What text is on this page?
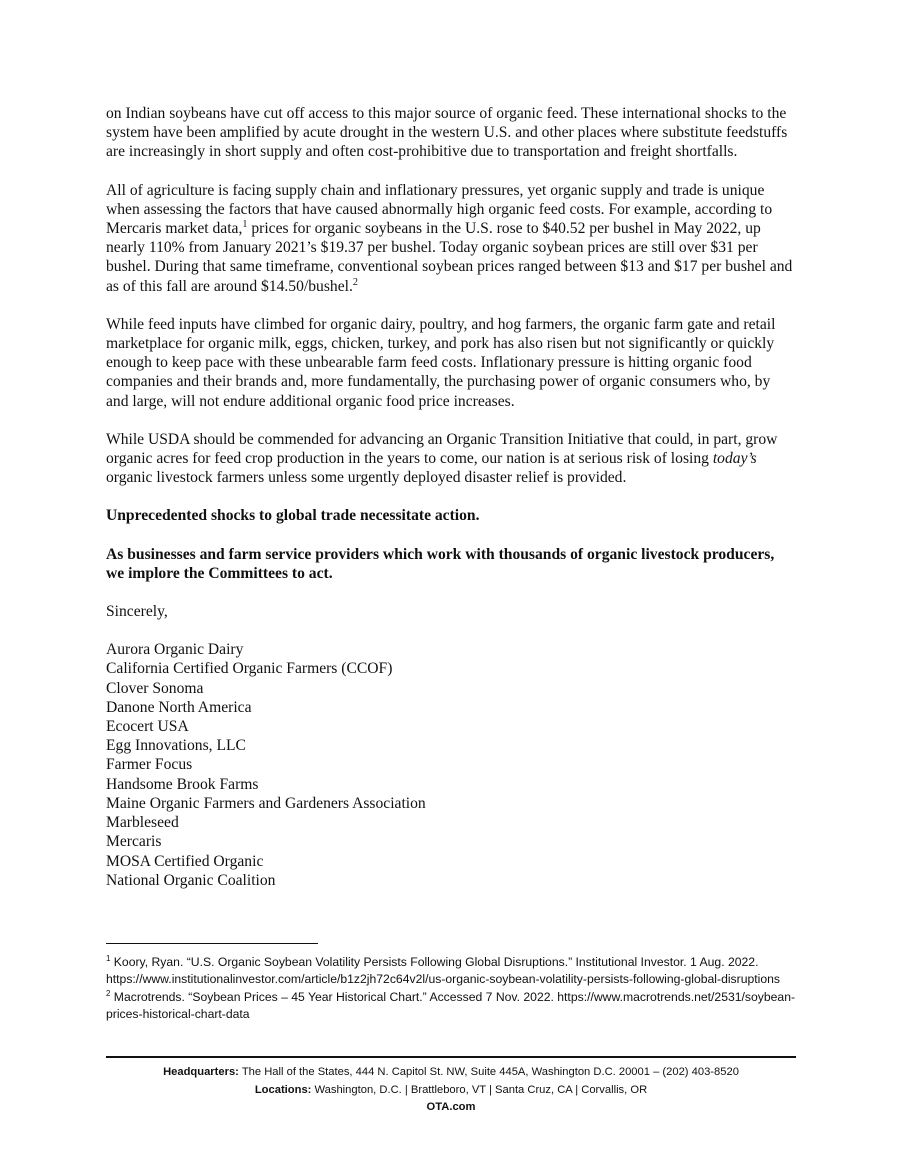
on Indian soybeans have cut off access to this major source of organic feed. These international shocks to the system have been amplified by acute drought in the western U.S. and other places where substitute feedstuffs are increasingly in short supply and often cost-prohibitive due to transportation and freight shortfalls.

All of agriculture is facing supply chain and inflationary pressures, yet organic supply and trade is unique when assessing the factors that have caused abnormally high organic feed costs. For example, according to Mercaris market data,$^1$ prices for organic soybeans in the U.S. rose to $40.52 per bushel in May 2022, up nearly 110% from January 2021’s $19.37 per bushel. Today organic soybean prices are still over $31 per bushel. During that same timeframe, conventional soybean prices ranged between $13 and $17 per bushel and as of this fall are around $14.50/bushel.$^2$

While feed inputs have climbed for organic dairy, poultry, and hog farmers, the organic farm gate and retail marketplace for organic milk, eggs, chicken, turkey, and pork has also risen but not significantly or quickly enough to keep pace with these unbearable farm feed costs. Inflationary pressure is hitting organic food companies and their brands and, more fundamentally, the purchasing power of organic consumers who, by and large, will not endure additional organic food price increases.

While USDA should be commended for advancing an Organic Transition Initiative that could, in part, grow organic acres for feed crop production in the years to come, our nation is at serious risk of losing today’s organic livestock farmers unless some urgently deployed disaster relief is provided.

Unprecedented shocks to global trade necessitate action.

As businesses and farm service providers which work with thousands of organic livestock producers, we implore the Committees to act.

Sincerely,

Aurora Organic Dairy
California Certified Organic Farmers (CCOF)
Clover Sonoma
Danone North America
Ecocert USA
Egg Innovations, LLC
Farmer Focus
Handsome Brook Farms
Maine Organic Farmers and Gardeners Association
Marbleseed
Mercaris
MOSA Certified Organic
National Organic Coalition

$^1$ Koory, Ryan. “U.S. Organic Soybean Volatility Persists Following Global Disruptions.” Institutional Investor. 1 Aug. 2022. https://www.institutionalinvestor.com/article/b1z2jh72c64v2l/us-organic-soybean-volatility-persists-following-global-disruptions

$^2$ Macrotrends. “Soybean Prices – 45 Year Historical Chart.” Accessed 7 Nov. 2022. https://www.macrotrends.net/2531/soybean-prices-historical-chart-data

Headquarters: The Hall of the States, 444 N. Capitol St. NW, Suite 445A, Washington D.C. 20001 – (202) 403-8520
Locations: Washington, D.C. | Brattleboro, VT | Santa Cruz, CA | Corvallis, OR
OTA.com
